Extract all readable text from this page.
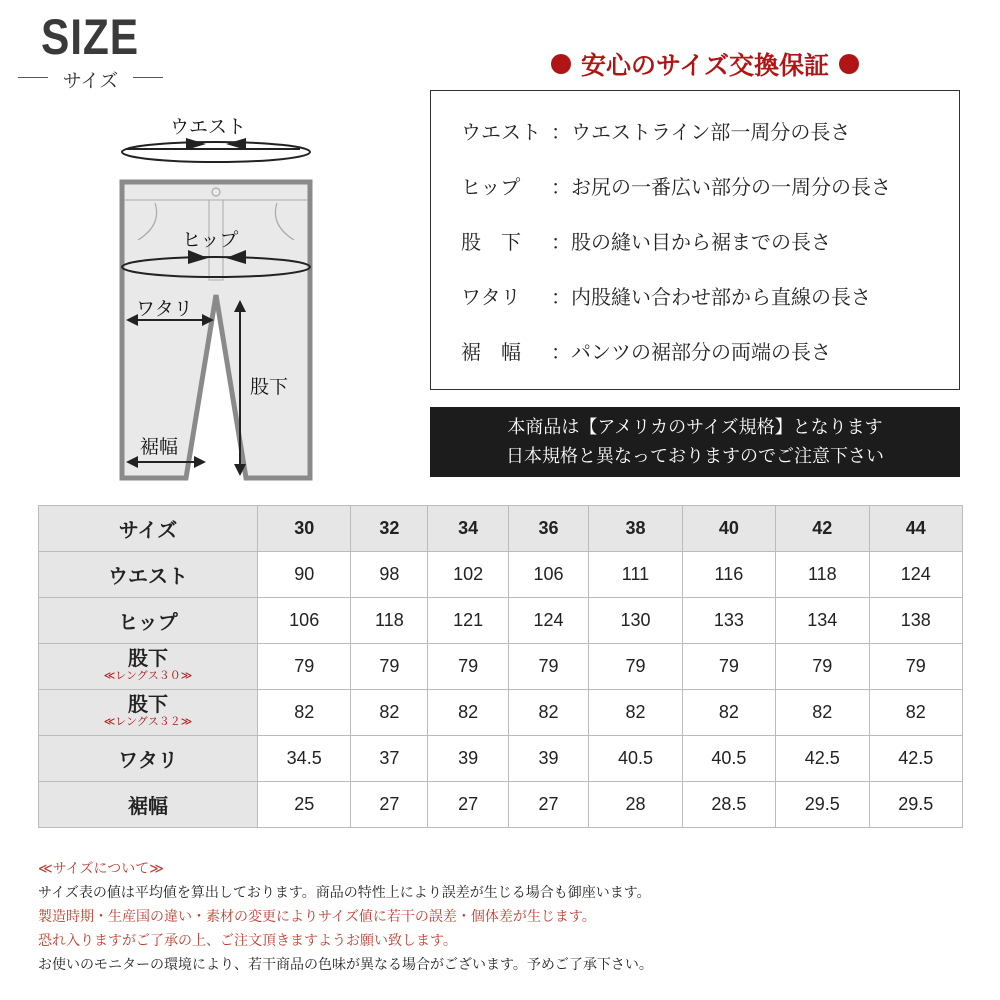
SIZE
サイズ
安心のサイズ交換保証
ウエスト ：ウエストライン部一周分の長さ
ヒップ ：お尻の一番広い部分の一周分の長さ
股　下 ：股の縫い目から裾までの長さ
ワタリ ：内股縫い合わせ部から直線の長さ
裾　幅 ：パンツの裾部分の両端の長さ
本商品は【アメリカのサイズ規格】となります
日本規格と異なっておりますのでご注意下さい
ウエスト
ヒップ
ワタリ
股下
裾幅
サイズ	30	32	34	36	38	40	42	44
ウエスト	90	98	102	106	111	116	118	124
ヒップ	106	118	121	124	130	133	134	138
股下
≪レングス３０≫	79	79	79	79	79	79	79	79
股下
≪レングス３２≫	82	82	82	82	82	82	82	82
ワタリ	34.5	37	39	39	40.5	40.5	42.5	42.5
裾幅	25	27	27	27	28	28.5	29.5	29.5
≪サイズについて≫
サイズ表の値は平均値を算出しております。商品の特性上により誤差が生じる場合も御座います。
製造時期・生産国の違い・素材の変更によりサイズ値に若干の誤差・個体差が生じます。
恐れ入りますがご了承の上、ご注文頂きますようお願い致します。
お使いのモニターの環境により、若干商品の色味が異なる場合がございます。予めご了承下さい。
